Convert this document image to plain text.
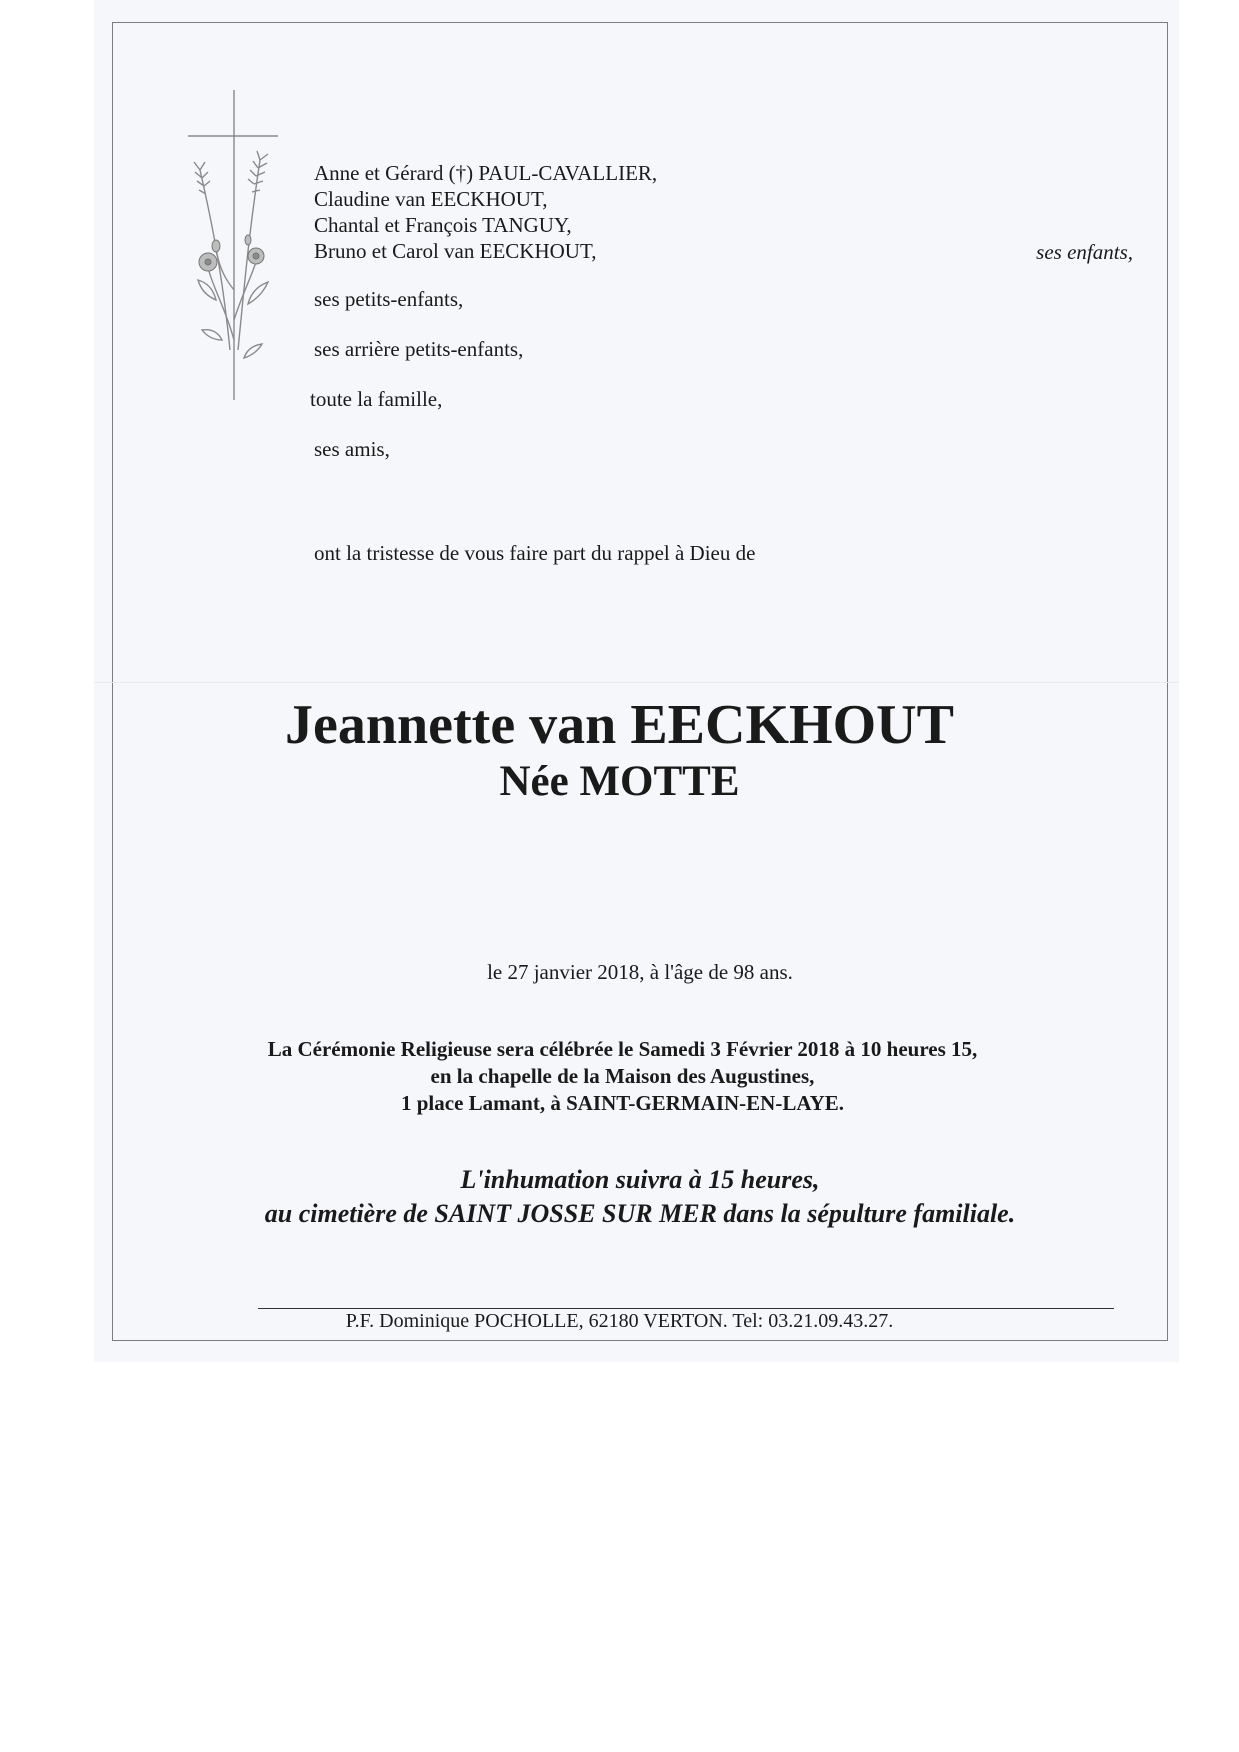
Anne et Gérard (†) PAUL-CAVALLIER,
Claudine van EECKHOUT,
Chantal et François TANGUY,
Bruno et Carol van EECKHOUT,	ses enfants,
ses petits-enfants,
ses arrière petits-enfants,
toute la famille,
ses amis,
ont la tristesse de vous faire part du rappel à Dieu de
Jeannette van EECKHOUT
Née MOTTE
le 27 janvier 2018, à l'âge de 98 ans.
La Cérémonie Religieuse sera célébrée le Samedi 3 Février 2018 à 10 heures 15,
en la chapelle de la Maison des Augustines,
1 place Lamant, à SAINT-GERMAIN-EN-LAYE.
L'inhumation suivra à 15 heures,
au cimetière de SAINT JOSSE SUR MER dans la sépulture familiale.
P.F. Dominique POCHOLLE, 62180 VERTON. Tel: 03.21.09.43.27.
